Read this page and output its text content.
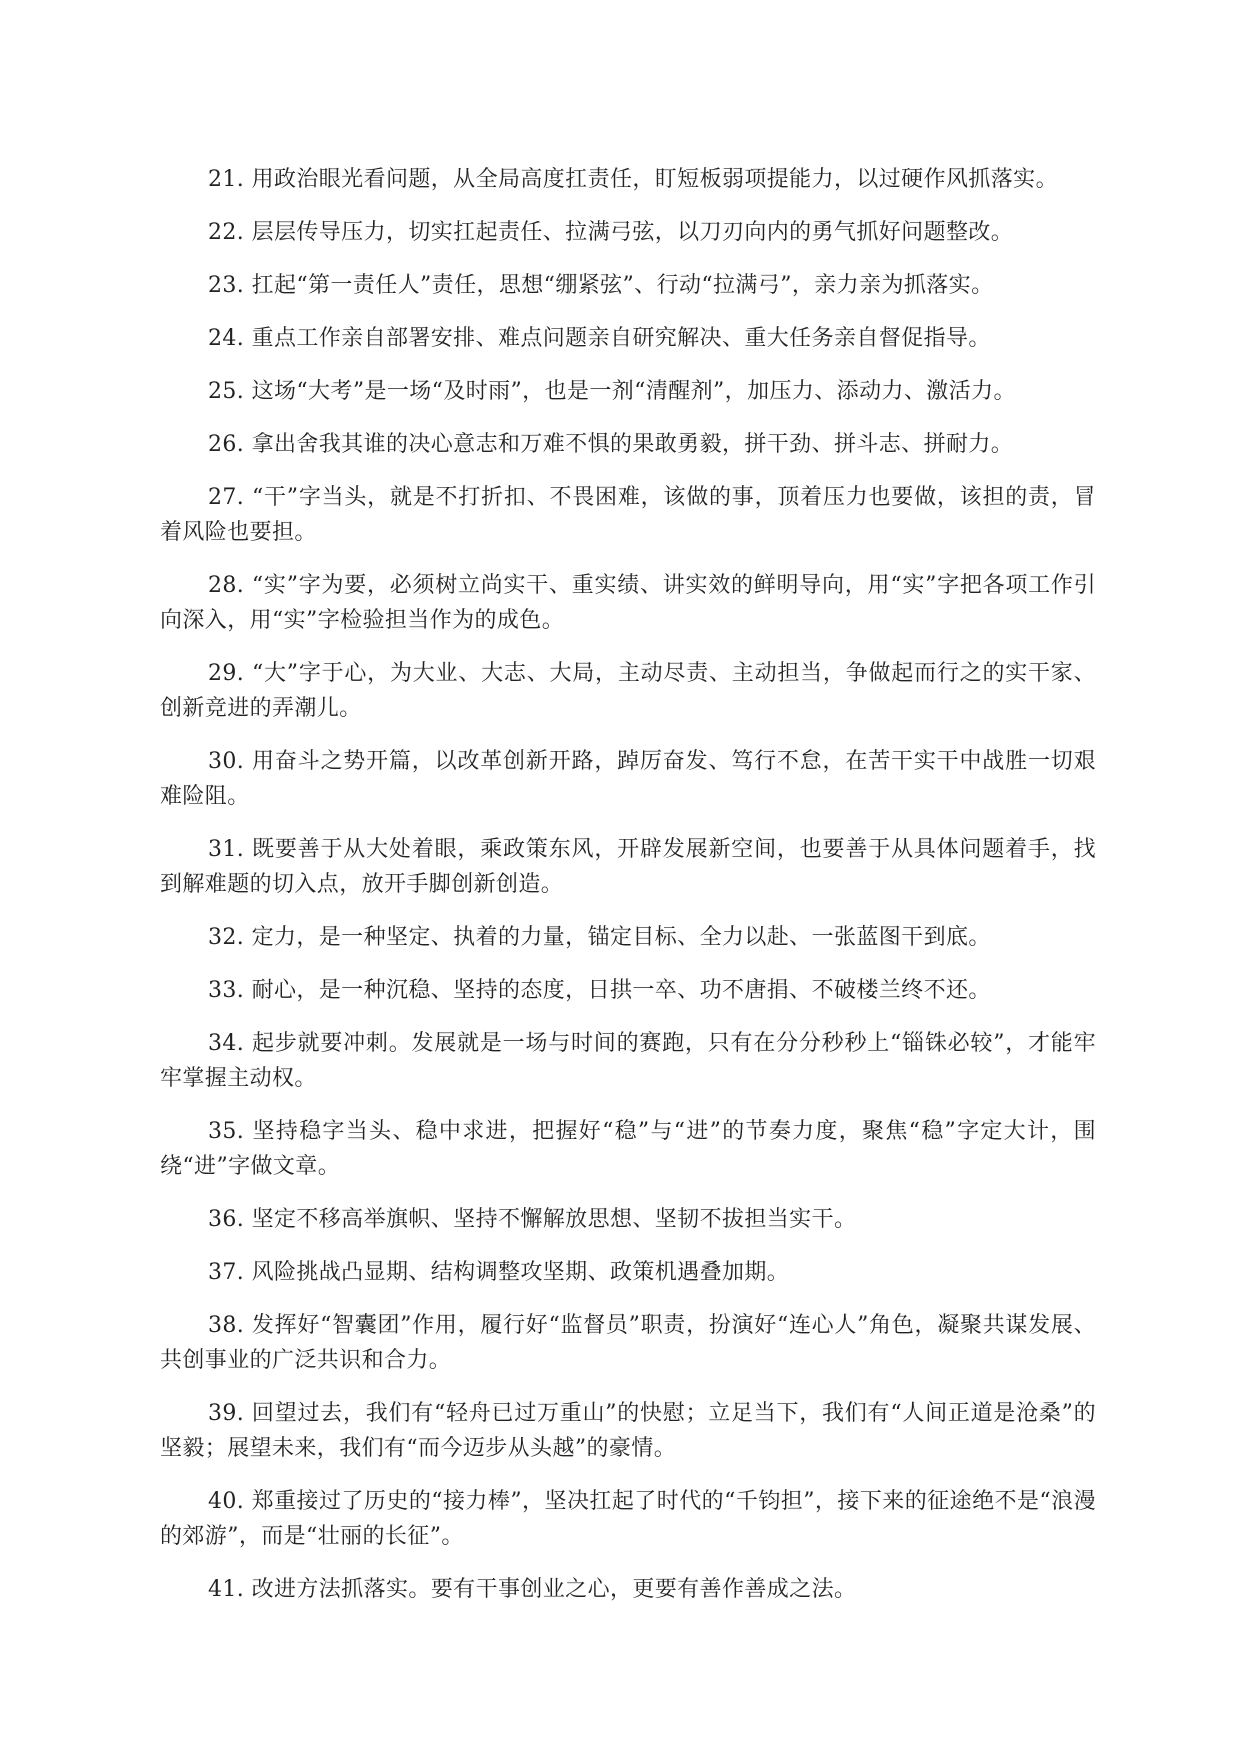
21. 用政治眼光看问题，从全局高度扛责任，盯短板弱项提能力，以过硬作风抓落实。

22. 层层传导压力，切实扛起责任、拉满弓弦，以刀刃向内的勇气抓好问题整改。

23. 扛起“第一责任人”责任，思想“绷紧弦”、行动“拉满弓”，亲力亲为抓落实。

24. 重点工作亲自部署安排、难点问题亲自研究解决、重大任务亲自督促指导。

25. 这场“大考”是一场“及时雨”，也是一剂“清醒剂”，加压力、添动力、激活力。

26. 拿出舍我其谁的决心意志和万难不惧的果敢勇毅，拼干劲、拼斗志、拼耐力。

27. “干”字当头，就是不打折扣、不畏困难，该做的事，顶着压力也要做，该担的责，冒着风险也要担。

28. “实”字为要，必须树立尚实干、重实绩、讲实效的鲜明导向，用“实”字把各项工作引向深入，用“实”字检验担当作为的成色。

29. “大”字于心，为大业、大志、大局，主动尽责、主动担当，争做起而行之的实干家、创新竞进的弄潮儿。

30. 用奋斗之势开篇，以改革创新开路，踔厉奋发、笃行不怠，在苦干实干中战胜一切艰难险阻。

31. 既要善于从大处着眼，乘政策东风，开辟发展新空间，也要善于从具体问题着手，找到解难题的切入点，放开手脚创新创造。

32. 定力，是一种坚定、执着的力量，锚定目标、全力以赴、一张蓝图干到底。

33. 耐心，是一种沉稳、坚持的态度，日拱一卒、功不唐捐、不破楼兰终不还。

34. 起步就要冲刺。发展就是一场与时间的赛跑，只有在分分秒秒上“锱铢必较”，才能牢牢掌握主动权。

35. 坚持稳字当头、稳中求进，把握好“稳”与“进”的节奏力度，聚焦“稳”字定大计，围绕“进”字做文章。

36. 坚定不移高举旗帜、坚持不懈解放思想、坚韧不拔担当实干。

37. 风险挑战凸显期、结构调整攻坚期、政策机遇叠加期。

38. 发挥好“智囊团”作用，履行好“监督员”职责，扮演好“连心人”角色，凝聚共谋发展、共创事业的广泛共识和合力。

39. 回望过去，我们有“轻舟已过万重山”的快慰；立足当下，我们有“人间正道是沧桑”的坚毅；展望未来，我们有“而今迈步从头越”的豪情。

40. 郑重接过了历史的“接力棒”，坚决扛起了时代的“千钧担”，接下来的征途绝不是“浪漫的郊游”，而是“壮丽的长征”。

41. 改进方法抓落实。要有干事创业之心，更要有善作善成之法。
